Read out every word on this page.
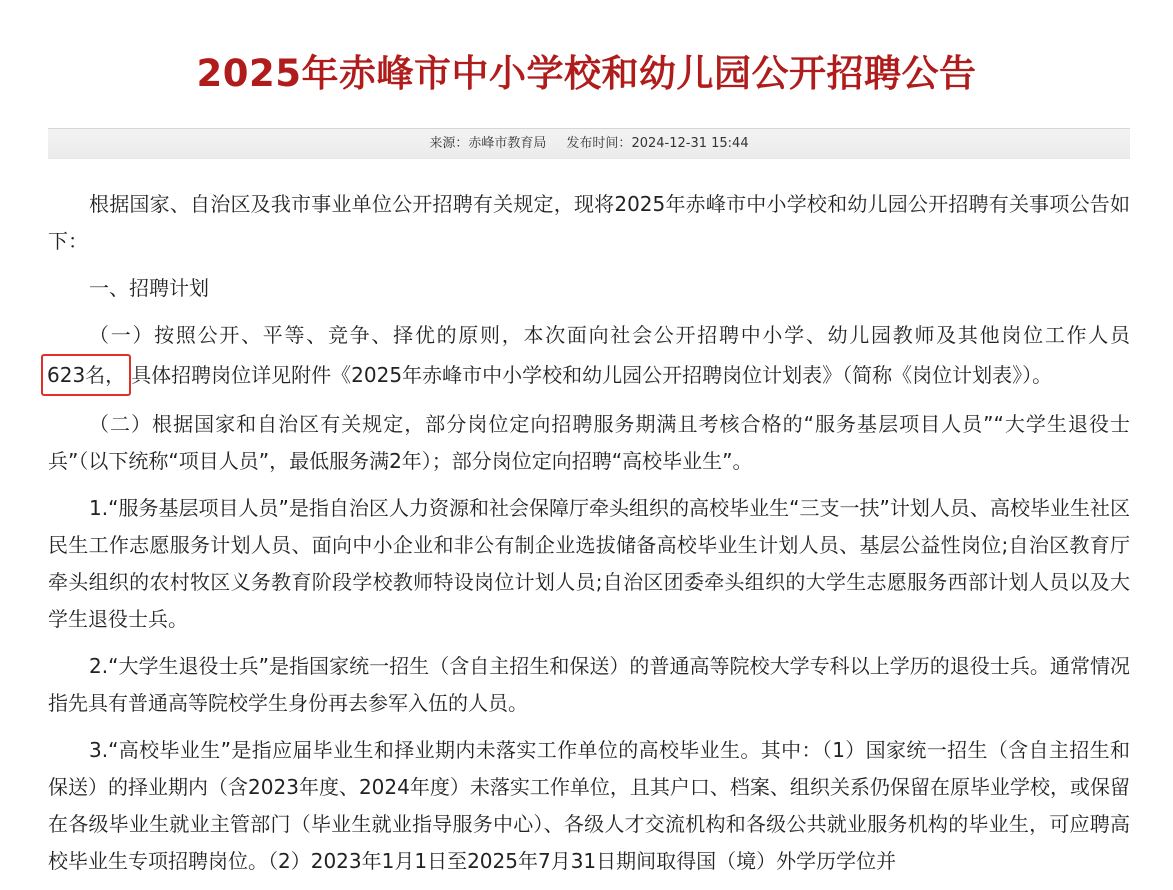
2025年赤峰市中小学校和幼儿园公开招聘公告
来源：赤峰市教育局 发布时间：2024-12-31 15:44

根据国家、自治区及我市事业单位公开招聘有关规定，现将2025年赤峰市中小学校和幼儿园公开招聘有关事项公告如下：

一、招聘计划

（一）按照公开、平等、竞争、择优的原则，本次面向社会公开招聘中小学、幼儿园教师及其他岗位工作人员623名， 具体招聘岗位详见附件《2025年赤峰市中小学校和幼儿园公开招聘岗位计划表》（简称《岗位计划表》）。

（二）根据国家和自治区有关规定，部分岗位定向招聘服务期满且考核合格的“服务基层项目人员”“大学生退役士兵”（以下统称“项目人员”，最低服务满2年）；部分岗位定向招聘“高校毕业生”。

1.“服务基层项目人员”是指自治区人力资源和社会保障厅牵头组织的高校毕业生“三支一扶”计划人员、高校毕业生社区民生工作志愿服务计划人员、面向中小企业和非公有制企业选拔储备高校毕业生计划人员、基层公益性岗位;自治区教育厅牵头组织的农村牧区义务教育阶段学校教师特设岗位计划人员;自治区团委牵头组织的大学生志愿服务西部计划人员以及大学生退役士兵。

2.“大学生退役士兵”是指国家统一招生（含自主招生和保送）的普通高等院校大学专科以上学历的退役士兵。通常情况指先具有普通高等院校学生身份再去参军入伍的人员。

3.“高校毕业生”是指应届毕业生和择业期内未落实工作单位的高校毕业生。其中：（1）国家统一招生（含自主招生和保送）的择业期内（含2023年度、2024年度）未落实工作单位，且其户口、档案、组织关系仍保留在原毕业学校，或保留在各级毕业生就业主管部门（毕业生就业指导服务中心）、各级人才交流机构和各级公共就业服务机构的毕业生，可应聘高校毕业生专项招聘岗位。（2）2023年1月1日至2025年7月31日期间取得国（境）外学历学位并
